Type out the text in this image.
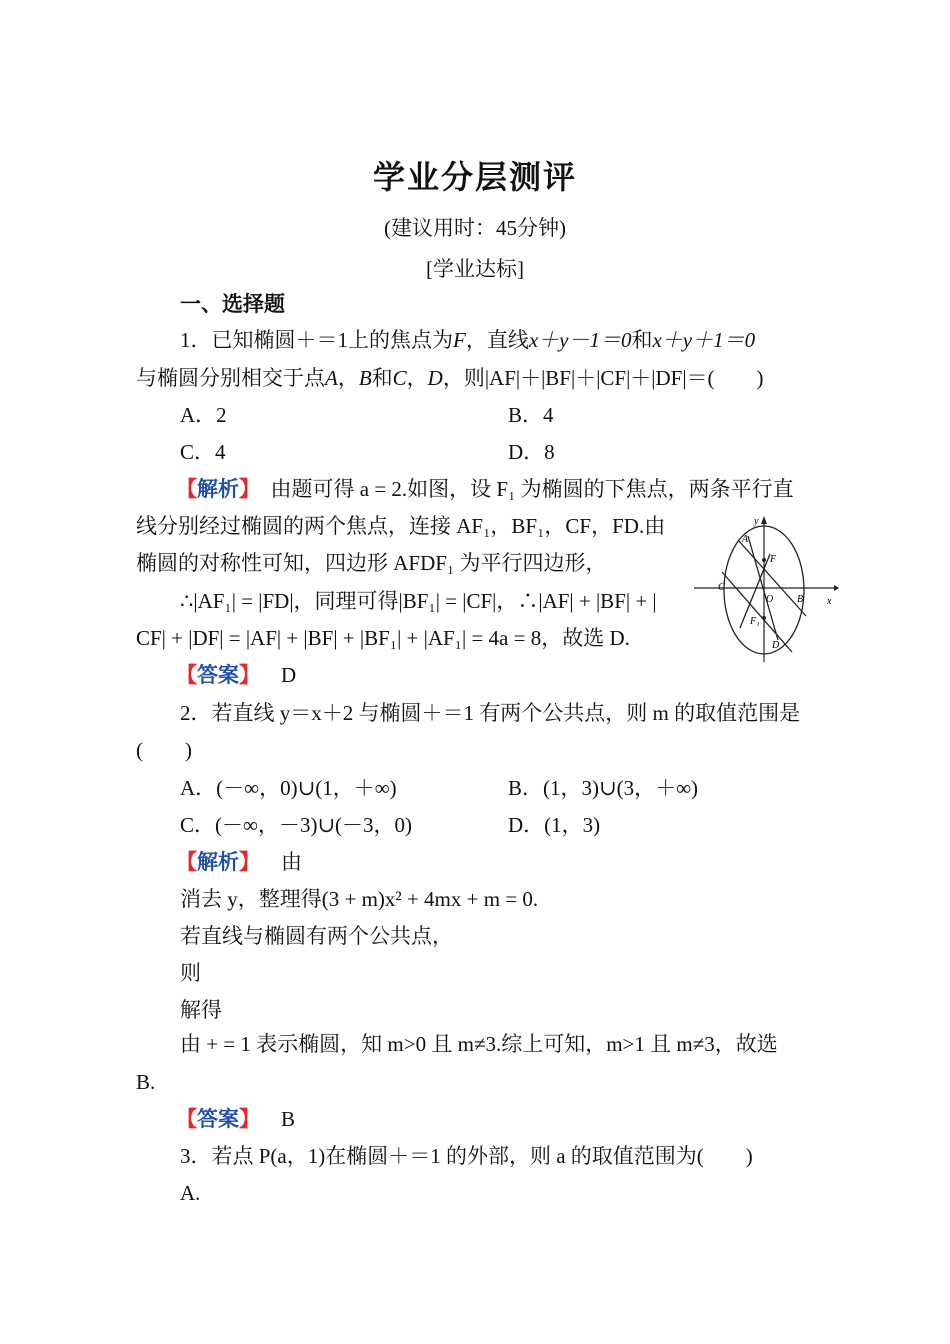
学业分层测评
(建议用时：45分钟)
[学业达标]
一、选择题
1．已知椭圆＋＝1上的焦点为F，直线x＋y－1＝0和x＋y＋1＝0
与椭圆分别相交于点A，B和C，D，则|AF|＋|BF|＋|CF|＋|DF|＝(　　)
A．2	B．4
C．4	D．8
【解析】 由题可得 a = 2.如图，设 F₁ 为椭圆的下焦点，两条平行直
线分别经过椭圆的两个焦点，连接 AF₁，BF₁，CF，FD.由
椭圆的对称性可知，四边形 AFDF₁ 为平行四边形，
∴|AF₁| = |FD|，同理可得|BF₁| = |CF|，∴|AF| + |BF| + |
CF| + |DF| = |AF| + |BF| + |BF₁| + |AF₁| = 4a = 8，故选 D.
【答案】 D
y
x
A
F
C
O B
F₁
D
2．若直线 y＝x＋2 与椭圆＋＝1 有两个公共点，则 m 的取值范围是
(　　)
A．(－∞，0)∪(1，＋∞)	B．(1，3)∪(3，＋∞)
C．(－∞，－3)∪(－3，0)	D．(1，3)
【解析】 由
消去 y，整理得(3 + m)x² + 4mx + m = 0.
若直线与椭圆有两个公共点，
则
解得
由 + = 1 表示椭圆，知 m>0 且 m≠3.综上可知，m>1 且 m≠3，故选
B.
【答案】 B
3．若点 P(a，1)在椭圆＋＝1 的外部，则 a 的取值范围为(　　)
A.
